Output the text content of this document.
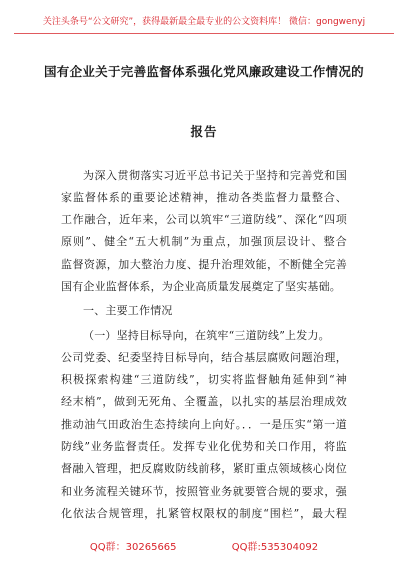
关注头条号“公文研究”，获得最新最全最专业的公文资料库！ 微信：gongwenyj
国有企业关于完善监督体系强化党风廉政建设工作情况的
报告
为深入贯彻落实习近平总书记关于坚持和完善党和国
家监督体系的重要论述精神，推动各类监督力量整合、
工作融合，近年来，公司以筑牢“三道防线”、深化“四项
原则”、健全“五大机制”为重点，加强顶层设计、整合
监督资源，加大整治力度、提升治理效能，不断健全完善
国有企业监督体系，为企业高质量发展奠定了坚实基础。
一、主要工作情况
（一）坚持目标导向，在筑牢“三道防线”上发力。
公司党委、纪委坚持目标导向，结合基层腐败问题治理，
积极探索构建“三道防线”，切实将监督触角延伸到“神
经末梢”，做到无死角、全覆盖，以扎实的基层治理成效
推动油气田政治生态持续向上向好。．．一是压实“第一道
防线”业务监督责任。发挥专业化优势和关口作用，将监
督融入管理，把反腐败防线前移，紧盯重点领域核心岗位
和业务流程关键环节，按照管业务就要管合规的要求，强
化依法合规管理，扎紧管权限权的制度“围栏”，最大程
QQ群：30265665	QQ群:535304092
